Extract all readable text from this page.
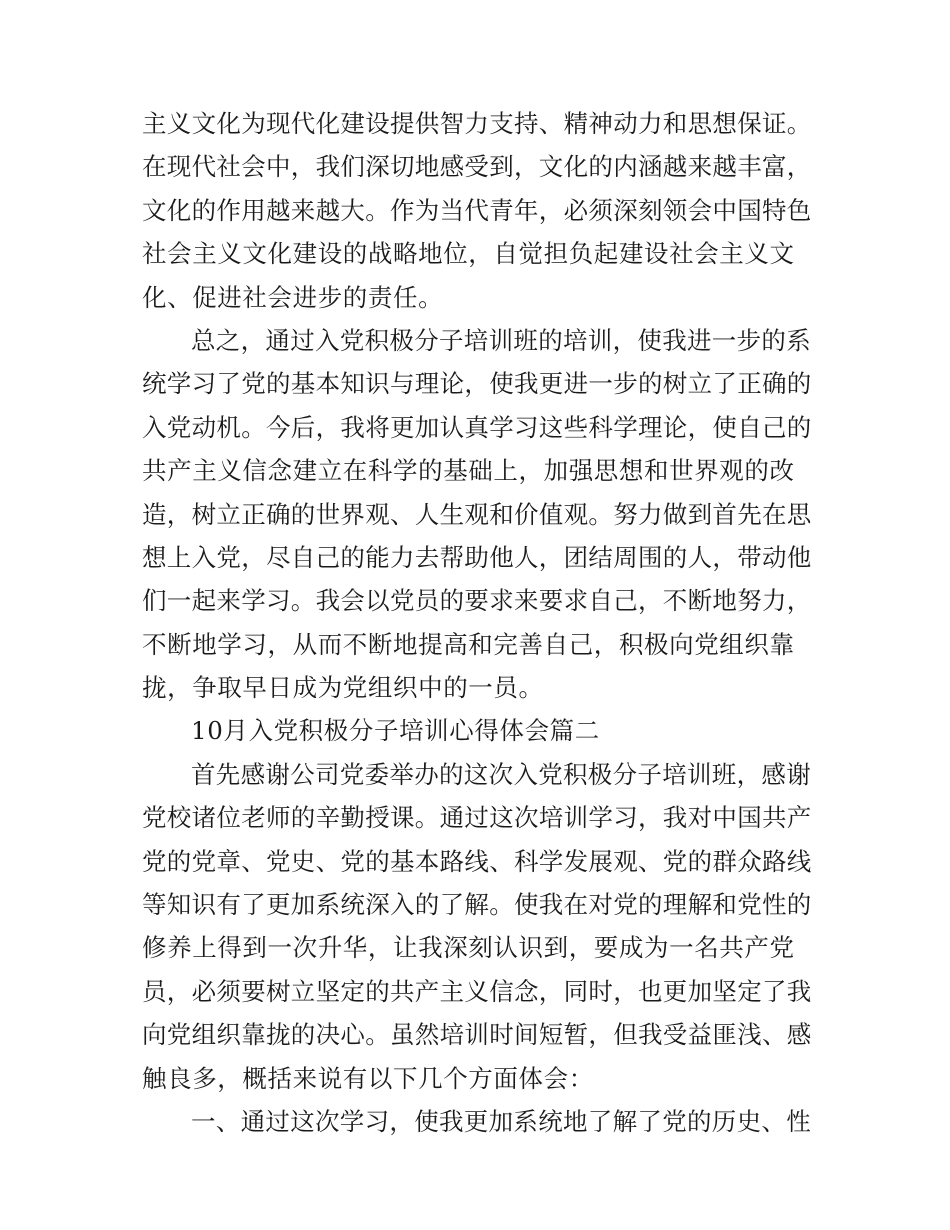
主义文化为现代化建设提供智力支持、精神动力和思想保证。
在现代社会中，我们深切地感受到，文化的内涵越来越丰富，
文化的作用越来越大。作为当代青年，必须深刻领会中国特色
社会主义文化建设的战略地位，自觉担负起建设社会主义文
化、促进社会进步的责任。
总之，通过入党积极分子培训班的培训，使我进一步的系
统学习了党的基本知识与理论，使我更进一步的树立了正确的
入党动机。今后，我将更加认真学习这些科学理论，使自己的
共产主义信念建立在科学的基础上，加强思想和世界观的改
造，树立正确的世界观、人生观和价值观。努力做到首先在思
想上入党，尽自己的能力去帮助他人，团结周围的人，带动他
们一起来学习。我会以党员的要求来要求自己，不断地努力，
不断地学习，从而不断地提高和完善自己，积极向党组织靠
拢，争取早日成为党组织中的一员。
10月入党积极分子培训心得体会篇二
首先感谢公司党委举办的这次入党积极分子培训班，感谢
党校诸位老师的辛勤授课。通过这次培训学习，我对中国共产
党的党章、党史、党的基本路线、科学发展观、党的群众路线
等知识有了更加系统深入的了解。使我在对党的理解和党性的
修养上得到一次升华，让我深刻认识到，要成为一名共产党
员，必须要树立坚定的共产主义信念，同时，也更加坚定了我
向党组织靠拢的决心。虽然培训时间短暂，但我受益匪浅、感
触良多，概括来说有以下几个方面体会：
一、通过这次学习，使我更加系统地了解了党的历史、性
